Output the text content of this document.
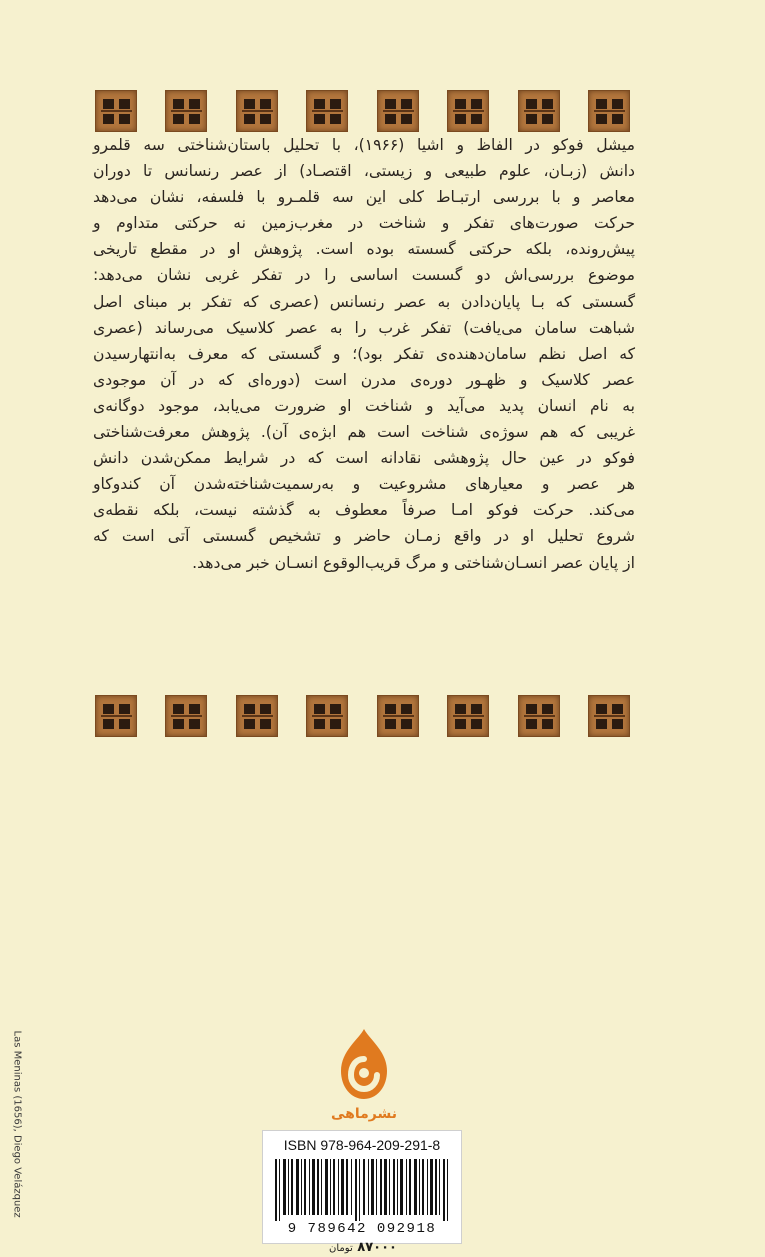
میشل فوکو در الفاظ و اشیا (۱۹۶۶)، با تحلیل باستان‌شناختی سه قلمرو
دانش (زبـان، علوم طبیعی و زیستی، اقتصـاد) از عصر رنسانس تا دوران
معاصر و با بررسی ارتبـاط کلی این سه قلمـرو با فلسفه، نشان می‌دهد
حرکت صورت‌های تفکر و شناخت در مغرب‌زمین نه حرکتی متداوم و
پیش‌رونده، بلکه حرکتی گسسته بوده است. پژوهش او در مقطع تاریخی
موضوع بررسی‌اش دو گسست اساسی را در تفکر غربی نشان می‌دهد:
گسستی که بـا پایان‌دادن به عصر رنسانس (عصری که تفکر بر مبنای اصل
شباهت سامان می‌یافت) تفکر غرب را به عصر کلاسیک می‌رساند (عصری
که اصل نظم سامان‌دهنده‌ی تفکر بود)؛ و گسستی که معرف به‌انتهارسیدن
عصر کلاسیک و ظهـور دوره‌ی مدرن است (دوره‌ای که در آن موجودی
به نام انسان پدید می‌آید و شناخت او ضرورت می‌یابد، موجود دوگانه‌ی
غریبی که هم سوژه‌ی شناخت است هم ابژه‌ی آن). پژوهش معرفت‌شناختی
فوکو در عین حال پژوهشی نقادانه است که در شرایط ممکن‌شدن دانش
هر عصر و معیارهای مشروعیت و به‌رسمیت‌شناخته‌شدن آن کندوکاو
می‌کند. حرکت فوکو امـا صرفاً معطوف به گذشته نیست، بلکه نقطه‌ی
شروع تحلیل او در واقع زمـان حاضر و تشخیص گسستی آتی است که
از پایان عصر انسـان‌شناختی و مرگ قریب‌الوقوع انسـان خبر می‌دهد.
Las Meninas (1656), Diego Velázquez	نشرماهی
ISBN 978-964-209-291-8
9 789642 092918
۸۷۰۰۰ تومان
